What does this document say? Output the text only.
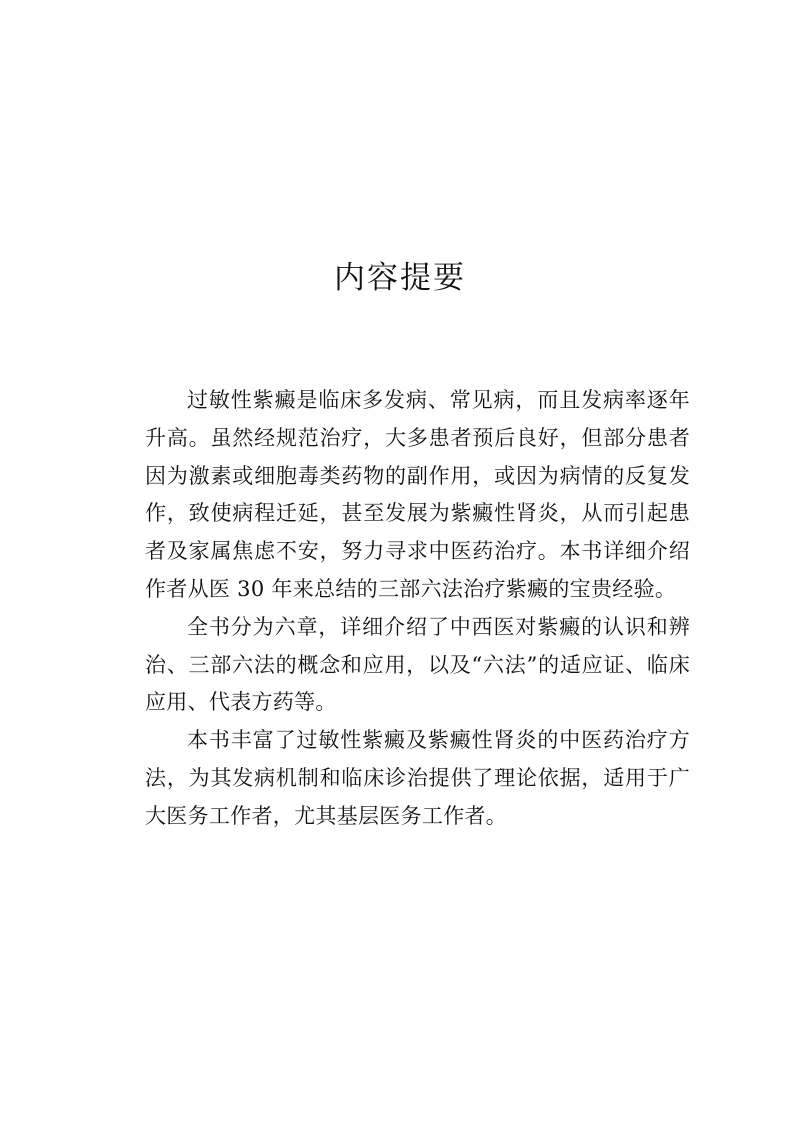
内容提要

过敏性紫癜是临床多发病、常见病，而且发病率逐年升高。虽然经规范治疗，大多患者预后良好，但部分患者因为激素或细胞毒类药物的副作用，或因为病情的反复发作，致使病程迁延，甚至发展为紫癜性肾炎，从而引起患者及家属焦虑不安，努力寻求中医药治疗。本书详细介绍作者从医 30 年来总结的三部六法治疗紫癜的宝贵经验。

全书分为六章，详细介绍了中西医对紫癜的认识和辨治、三部六法的概念和应用，以及“六法”的适应证、临床应用、代表方药等。

本书丰富了过敏性紫癜及紫癜性肾炎的中医药治疗方法，为其发病机制和临床诊治提供了理论依据，适用于广大医务工作者，尤其基层医务工作者。
